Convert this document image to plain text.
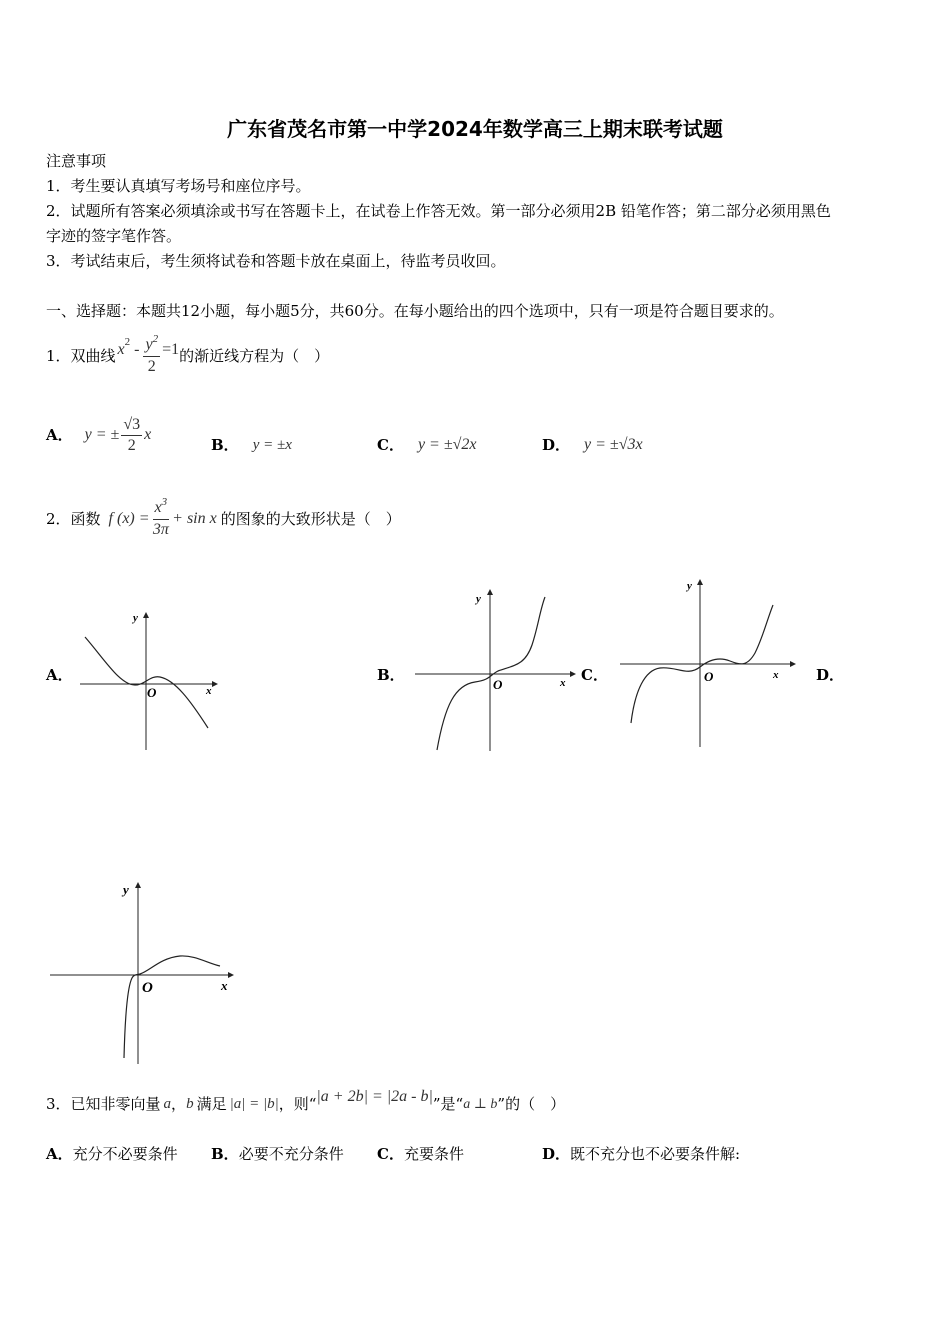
广东省茂名市第一中学2024年数学高三上期末联考试题
注意事项
1．考生要认真填写考场号和座位序号。
2．试题所有答案必须填涂或书写在答题卡上，在试卷上作答无效。第一部分必须用2B 铅笔作答；第二部分必须用黑色
字迹的签字笔作答。
3．考试结束后，考生须将试卷和答题卡放在桌面上，待监考员收回。
一、选择题：本题共12小题，每小题5分，共60分。在每小题给出的四个选项中，只有一项是符合题目要求的。
1．双曲线 x $2 - \frac{y^2}{2} =1$ 的渐近线方程为（　）
A． y = ± $\frac{√3}{2}$ x
B． y = ±x	C． y = ±√2x	D． y = ±√3x
2．函数 f $(x) = \frac{x^3}{3\pi} + \sin x$ 的图象的大致形状是（　）
A．	B．	C．	D．
y
x
O
y
x
O
y
x
O
y
x
O
3．已知非零向量 a ， b 满足 |a| = |b| ，则“ |a + 2b| = |2a - b| ”是“ a ⊥ b ”的（　）
A．充分不必要条件 B．必要不充分条件 C．充要条件	D．既不充分也不必要条件解:
